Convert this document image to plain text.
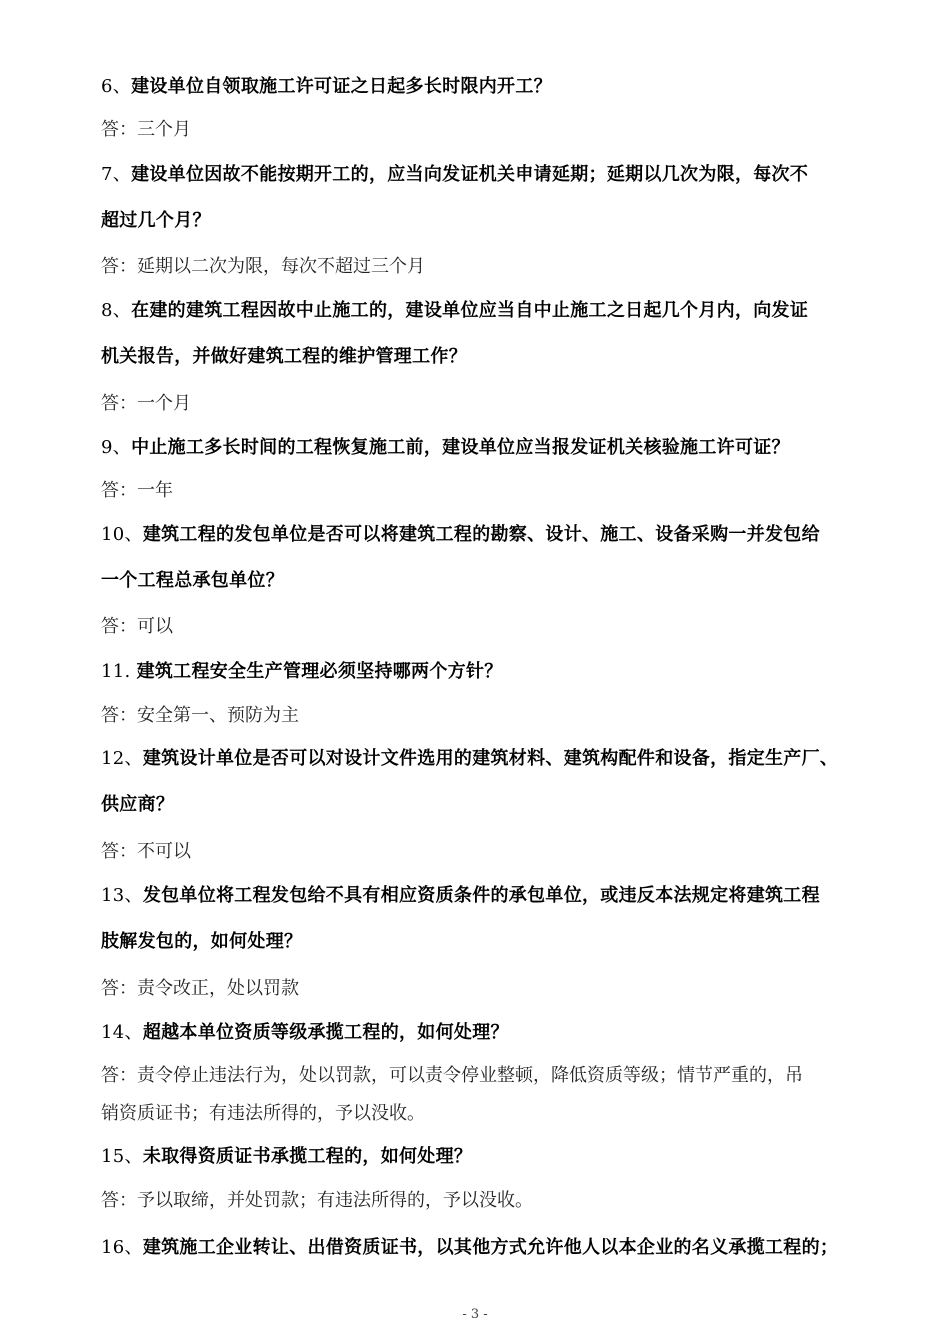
6、建设单位自领取施工许可证之日起多长时限内开工？
答：三个月
7、建设单位因故不能按期开工的，应当向发证机关申请延期；延期以几次为限，每次不
超过几个月？
答：延期以二次为限，每次不超过三个月
8、在建的建筑工程因故中止施工的，建设单位应当自中止施工之日起几个月内，向发证
机关报告，并做好建筑工程的维护管理工作？
答：一个月
9、中止施工多长时间的工程恢复施工前，建设单位应当报发证机关核验施工许可证？
答：一年
10、建筑工程的发包单位是否可以将建筑工程的勘察、设计、施工、设备采购一并发包给
一个工程总承包单位？
答：可以
11. 建筑工程安全生产管理必须坚持哪两个方针？
答：安全第一、预防为主
12、建筑设计单位是否可以对设计文件选用的建筑材料、建筑构配件和设备，指定生产厂、
供应商？
答：不可以
13、发包单位将工程发包给不具有相应资质条件的承包单位，或违反本法规定将建筑工程
肢解发包的，如何处理？
答：责令改正，处以罚款
14、超越本单位资质等级承揽工程的，如何处理？
答：责令停止违法行为，处以罚款，可以责令停业整顿，降低资质等级；情节严重的，吊
销资质证书；有违法所得的，予以没收。
15、未取得资质证书承揽工程的，如何处理？
答：予以取缔，并处罚款；有违法所得的，予以没收。
16、建筑施工企业转让、出借资质证书，以其他方式允许他人以本企业的名义承揽工程的；
- 3 -
